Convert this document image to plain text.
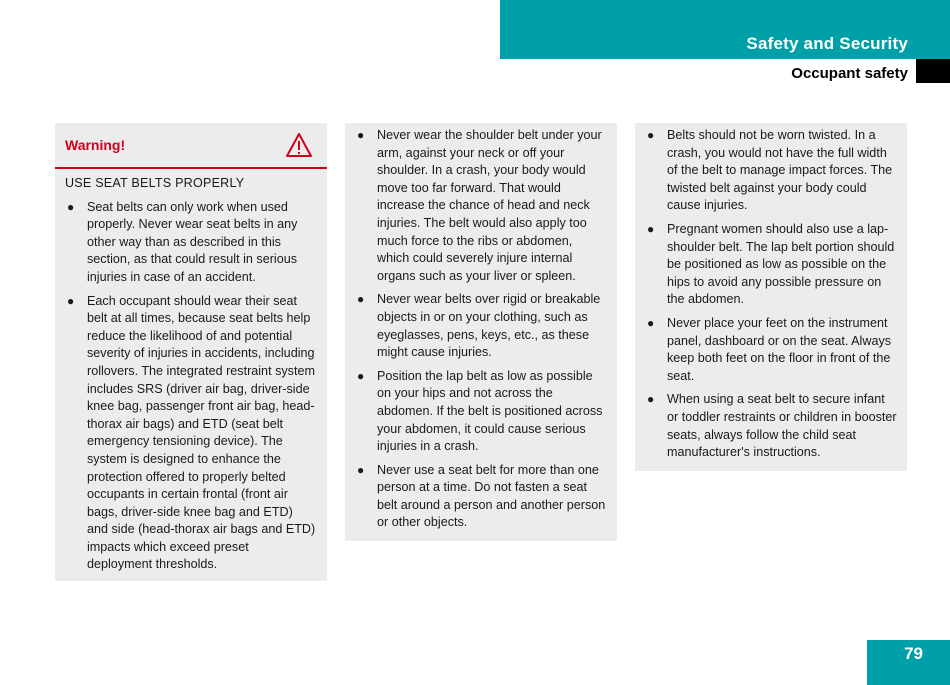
Safety and Security
Occupant safety
Warning!

USE SEAT BELTS PROPERLY

● Seat belts can only work when used properly. Never wear seat belts in any other way than as described in this section, as that could result in serious injuries in case of an accident.
● Each occupant should wear their seat belt at all times, because seat belts help reduce the likelihood of and potential severity of injuries in accidents, including rollovers. The integrated restraint system includes SRS (driver air bag, driver-side knee bag, passenger front air bag, head-thorax air bags) and ETD (seat belt emergency tensioning device). The system is designed to enhance the protection offered to properly belted occupants in certain frontal (front air bags, driver-side knee bag and ETD) and side (head-thorax air bags and ETD) impacts which exceed preset deployment thresholds.
● Never wear the shoulder belt under your arm, against your neck or off your shoulder. In a crash, your body would move too far forward. That would increase the chance of head and neck injuries. The belt would also apply too much force to the ribs or abdomen, which could severely injure internal organs such as your liver or spleen.
● Never wear belts over rigid or breakable objects in or on your clothing, such as eyeglasses, pens, keys, etc., as these might cause injuries.
● Position the lap belt as low as possible on your hips and not across the abdomen. If the belt is positioned across your abdomen, it could cause serious injuries in a crash.
● Never use a seat belt for more than one person at a time. Do not fasten a seat belt around a person and another person or other objects.
● Belts should not be worn twisted. In a crash, you would not have the full width of the belt to manage impact forces. The twisted belt against your body could cause injuries.
● Pregnant women should also use a lap-shoulder belt. The lap belt portion should be positioned as low as possible on the hips to avoid any possible pressure on the abdomen.
● Never place your feet on the instrument panel, dashboard or on the seat. Always keep both feet on the floor in front of the seat.
● When using a seat belt to secure infant or toddler restraints or children in booster seats, always follow the child seat manufacturer's instructions.
79
